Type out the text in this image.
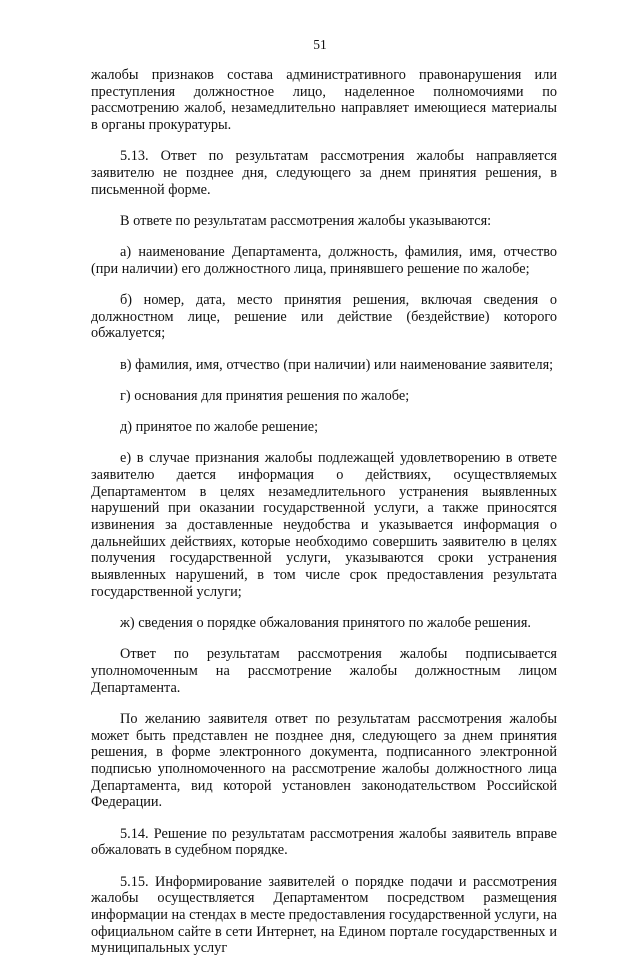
51

жалобы признаков состава административного правонарушения или преступления должностное лицо, наделенное полномочиями по рассмотрению жалоб, незамедлительно направляет имеющиеся материалы в органы прокуратуры.

5.13. Ответ по результатам рассмотрения жалобы направляется заявителю не позднее дня, следующего за днем принятия решения, в письменной форме.

В ответе по результатам рассмотрения жалобы указываются:

а) наименование Департамента, должность, фамилия, имя, отчество (при наличии) его должностного лица, принявшего решение по жалобе;

б) номер, дата, место принятия решения, включая сведения о должностном лице, решение или действие (бездействие) которого обжалуется;

в) фамилия, имя, отчество (при наличии) или наименование заявителя;

г) основания для принятия решения по жалобе;

д) принятое по жалобе решение;

е) в случае признания жалобы подлежащей удовлетворению в ответе заявителю дается информация о действиях, осуществляемых Департаментом в целях незамедлительного устранения выявленных нарушений при оказании государственной услуги, а также приносятся извинения за доставленные неудобства и указывается информация о дальнейших действиях, которые необходимо совершить заявителю в целях получения государственной услуги, указываются сроки устранения выявленных нарушений, в том числе срок предоставления результата государственной услуги;

ж) сведения о порядке обжалования принятого по жалобе решения.

Ответ по результатам рассмотрения жалобы подписывается уполномоченным на рассмотрение жалобы должностным лицом Департамента.

По желанию заявителя ответ по результатам рассмотрения жалобы может быть представлен не позднее дня, следующего за днем принятия решения, в форме электронного документа, подписанного электронной подписью уполномоченного на рассмотрение жалобы должностного лица Департамента, вид которой установлен законодательством Российской Федерации.

5.14. Решение по результатам рассмотрения жалобы заявитель вправе обжаловать в судебном порядке.

5.15. Информирование заявителей о порядке подачи и рассмотрения жалобы осуществляется Департаментом посредством размещения информации на стендах в месте предоставления государственной услуги, на официальном сайте в сети Интернет, на Едином портале государственных и муниципальных услуг
